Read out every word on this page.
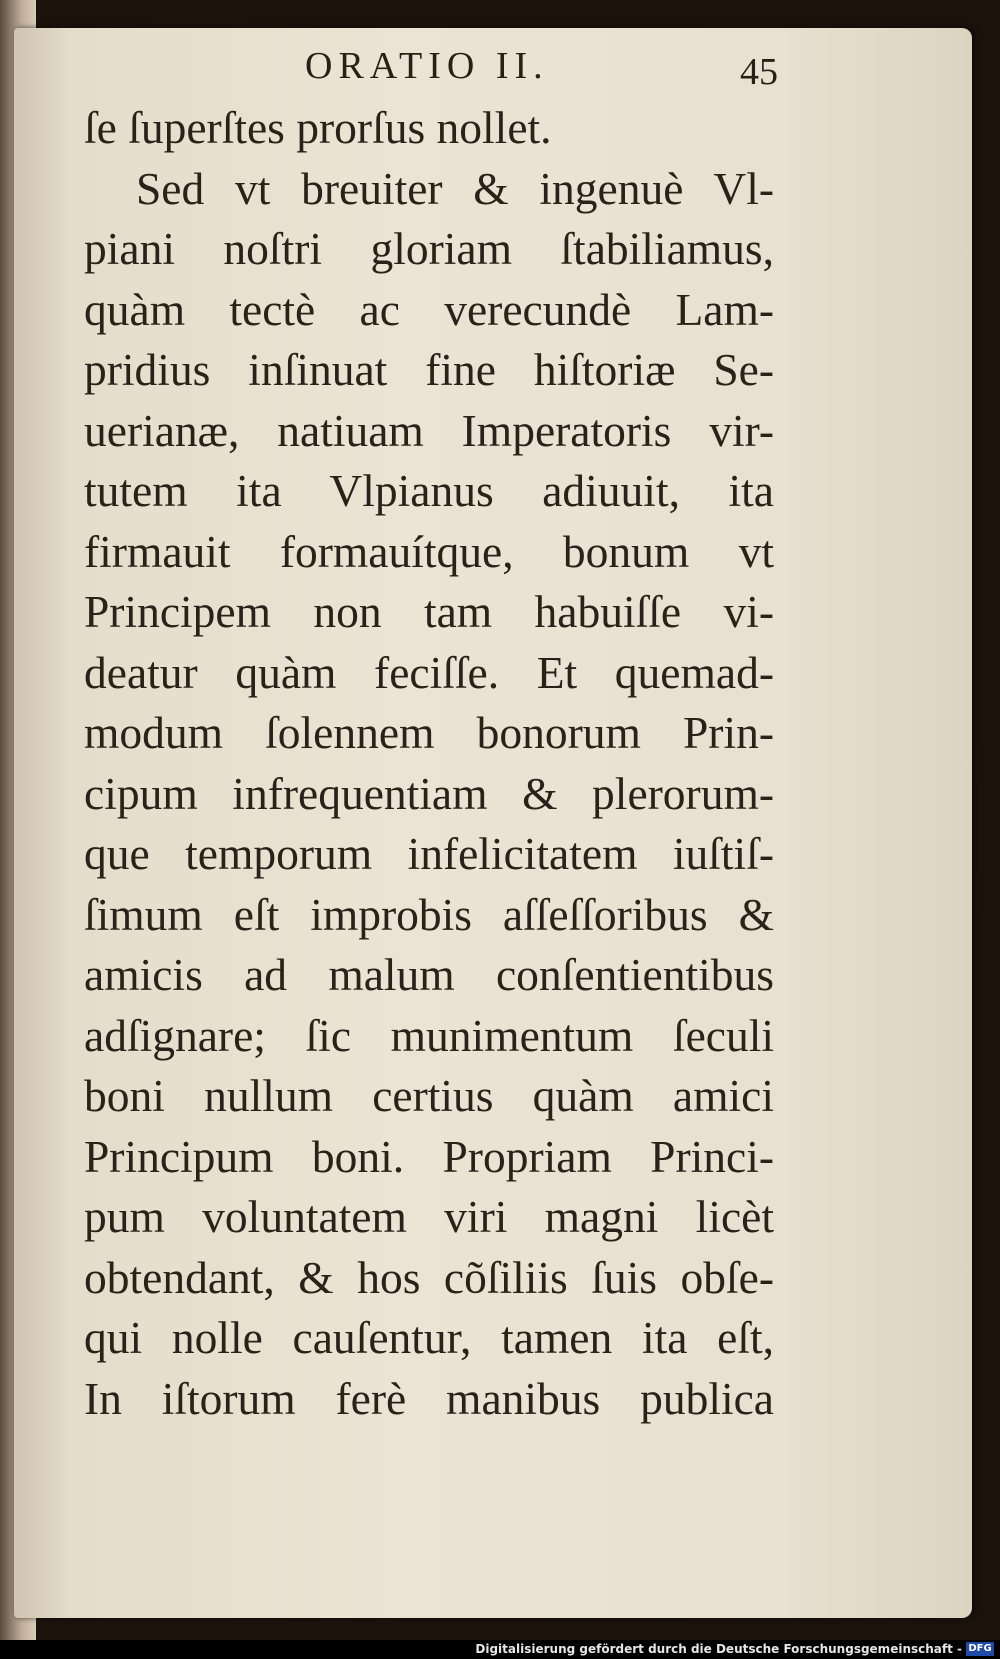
ORATIO II.	45
ſe ſuperſtes prorſus nollet.
Sed vt breuiter & ingenuè Vl-
piani noſtri gloriam ſtabiliamus,
quàm tectè ac verecundè Lam-
pridius inſinuat fine hiſtoriæ Se-
uerianæ, natiuam Imperatoris vir-
tutem ita Vlpianus adiuuit, ita
firmauit formauítque, bonum vt
Principem non tam habuiſſe vi-
deatur quàm feciſſe. Et quemad-
modum ſolennem bonorum Prin-
cipum infrequentiam & plerorum-
que temporum infelicitatem iuſtiſ-
ſimum eſt improbis aſſeſſoribus &
amicis ad malum conſentientibus
adſignare; ſic munimentum ſeculi
boni nullum certius quàm amici
Principum boni. Propriam Princi-
pum voluntatem viri magni licèt
obtendant, & hos cõſiliis ſuis obſe-
qui nolle cauſentur, tamen ita eſt,
In iſtorum ferè manibus publica
Digitalisierung gefördert durch die Deutsche Forschungsgemeinschaft - DFG
